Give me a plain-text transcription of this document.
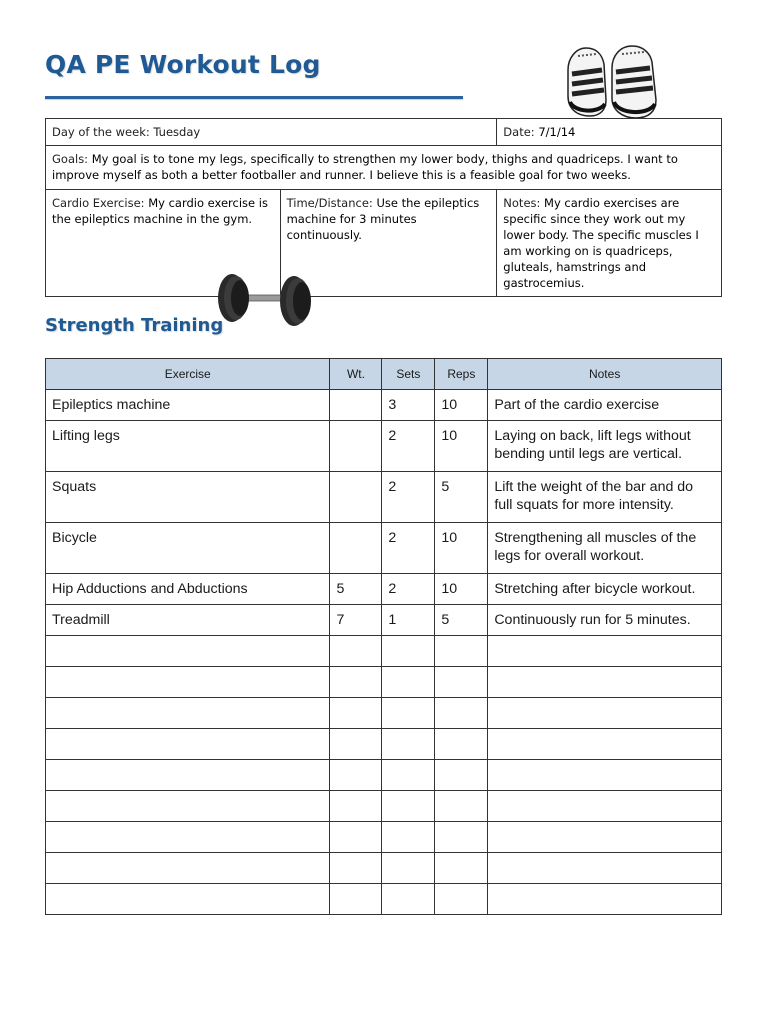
QA PE Workout Log
Day of the week: Tuesday		Date: 7/1/14
Goals: My goal is to tone my legs, specifically to strengthen my lower body, thighs and quadriceps. I want to improve myself as both a better footballer and runner. I believe this is a feasible goal for two weeks.		
Cardio Exercise: My cardio exercise is the epileptics machine in the gym.	Time/Distance: Use the epileptics machine for 3 minutes continuously.	Notes: My cardio exercises are specific since they work out my lower body. The specific muscles I am working on is quadriceps, gluteals, hamstrings and gastrocemius.
Strength Training
Exercise	Wt.	Sets	Reps	Notes
Epileptics machine		3	10	Part of the cardio exercise
Lifting legs		2	10	Laying on back, lift legs without bending until legs are vertical.
Squats		2	5	Lift the weight of the bar and do full squats for more intensity.
Bicycle		2	10	Strengthening all muscles of the legs for overall workout.
Hip Adductions and Abductions	5	2	10	Stretching after bicycle workout.
Treadmill	7	1	5	Continuously run for 5 minutes.
